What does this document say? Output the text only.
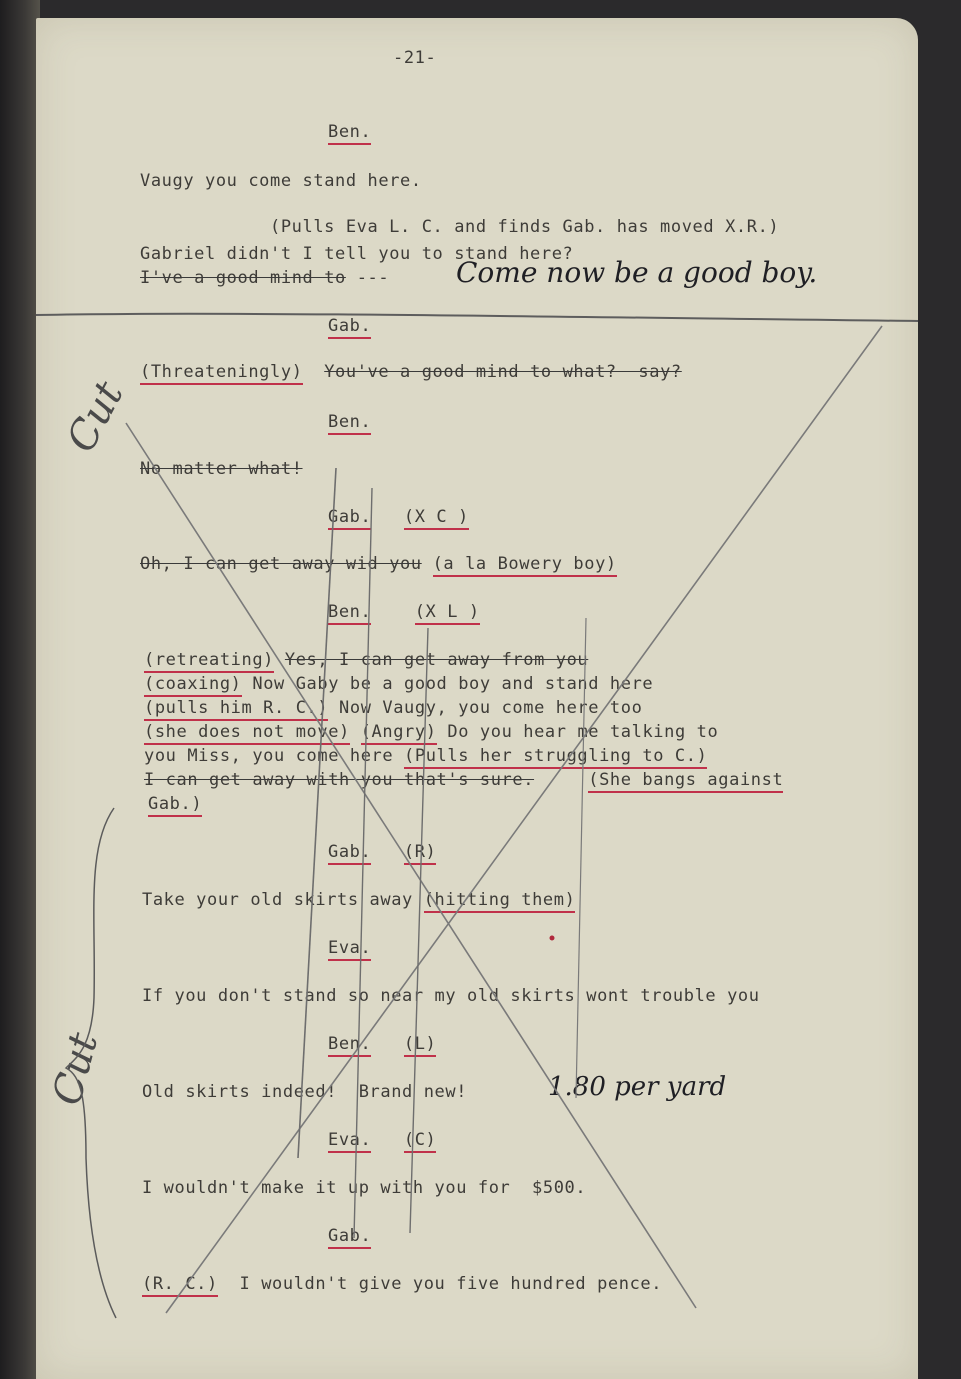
-21-
Ben.
Vaugy you come stand here.
(Pulls Eva L. C. and finds Gab. has moved X.R.)
Gabriel didn't I tell you to stand here?
I've a good mind to ---
Gab.
(Threateningly) You've a good mind to what?  say?
Ben.
No matter what!
Gab. (X C )
Oh, I can get away wid you (a la Bowery boy)
Ben.	(X L )
(retreating) Yes, I can get away from you
(coaxing) Now Gaby be a good boy and stand here
(pulls him R. C.) Now Vaugy, you come here too
(she does not move) (Angry) Do you hear me talking to
you Miss, you come here (Pulls her struggling to C.)
I can get away with you that's sure.	(She bangs against
Gab.)
Gab. (R)
Take your old skirts away (hitting them)
Eva.
If you don't stand so near my old skirts wont trouble you
Ben. (L)
Old skirts indeed!  Brand new!
Eva. (C)
I wouldn't make it up with you for  $500.
Gab.
(R. C.) I wouldn't give you five hundred pence.
Come now be a good boy.
1.80 per yard
Cut
Cut
